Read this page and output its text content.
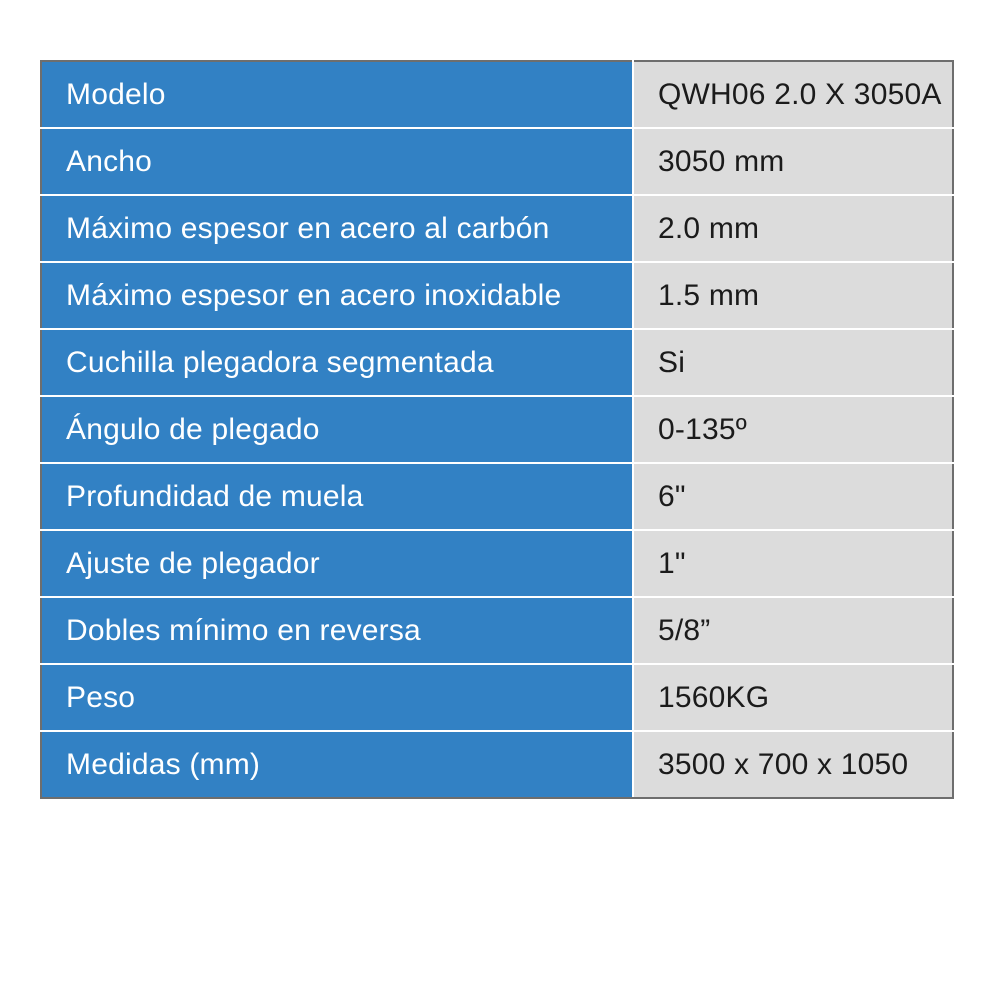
Modelo	QWH06 2.0 X 3050A
Ancho	3050 mm
Máximo espesor en acero al carbón	2.0 mm
Máximo espesor en acero inoxidable	1.5 mm
Cuchilla plegadora segmentada	Si
Ángulo de plegado	0-135º
Profundidad de muela	6"
Ajuste de plegador	1"
Dobles mínimo en reversa	5/8”
Peso	1560KG
Medidas (mm)	3500 x 700 x 1050
